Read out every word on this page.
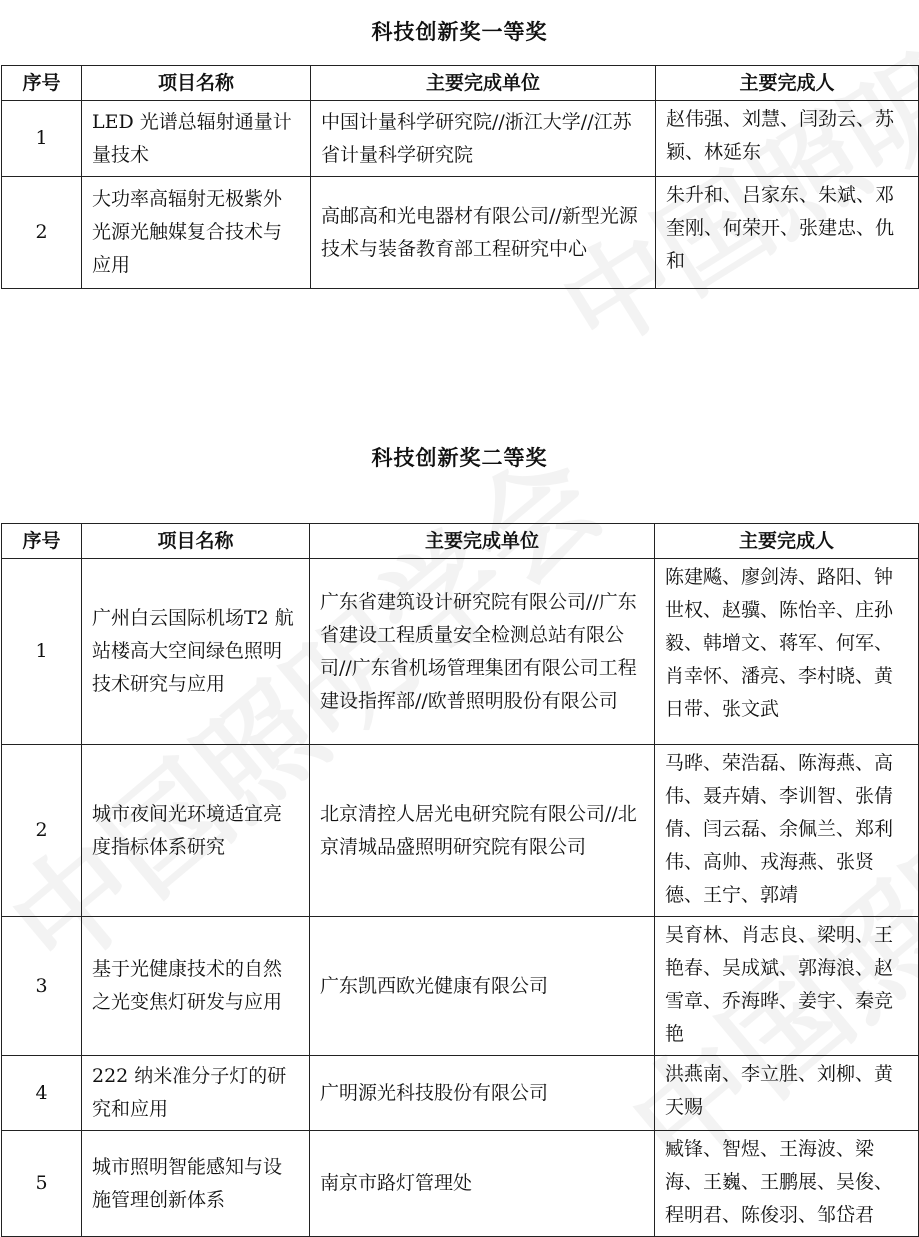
科技创新奖一等奖
序号	项目名称	主要完成单位	主要完成人
1	LED 光谱总辐射通量计量技术	中国计量科学研究院//浙江大学//江苏省计量科学研究院	赵伟强、刘慧、闫劲云、苏颖、林延东
2	大功率高辐射无极紫外光源光触媒复合技术与应用	高邮高和光电器材有限公司//新型光源技术与装备教育部工程研究中心	朱升和、吕家东、朱斌、邓奎刚、何荣开、张建忠、仇和
科技创新奖二等奖
序号	项目名称	主要完成单位	主要完成人
1	广州白云国际机场T2 航站楼高大空间绿色照明技术研究与应用	广东省建筑设计研究院有限公司//广东省建设工程质量安全检测总站有限公司//广东省机场管理集团有限公司工程建设指挥部//欧普照明股份有限公司	陈建飚、廖剑涛、路阳、钟世权、赵骥、陈怡辛、庄孙毅、韩增文、蒋军、何军、肖幸怀、潘亮、李村晓、黄日带、张文武
2	城市夜间光环境适宜亮度指标体系研究	北京清控人居光电研究院有限公司//北京清城品盛照明研究院有限公司	马晔、荣浩磊、陈海燕、高伟、聂卉婧、李训智、张倩倩、闫云磊、余佩兰、郑利伟、高帅、戎海燕、张贤德、王宁、郭靖
3	基于光健康技术的自然之光变焦灯研发与应用	广东凯西欧光健康有限公司	吴育林、肖志良、梁明、王艳春、吴成斌、郭海浪、赵雪章、乔海晔、姜宇、秦竞艳
4	222 纳米准分子灯的研究和应用	广明源光科技股份有限公司	洪燕南、李立胜、刘柳、黄天赐
5	城市照明智能感知与设施管理创新体系	南京市路灯管理处	臧锋、智煜、王海波、梁海、王巍、王鹏展、吴俊、程明君、陈俊羽、邹岱君
